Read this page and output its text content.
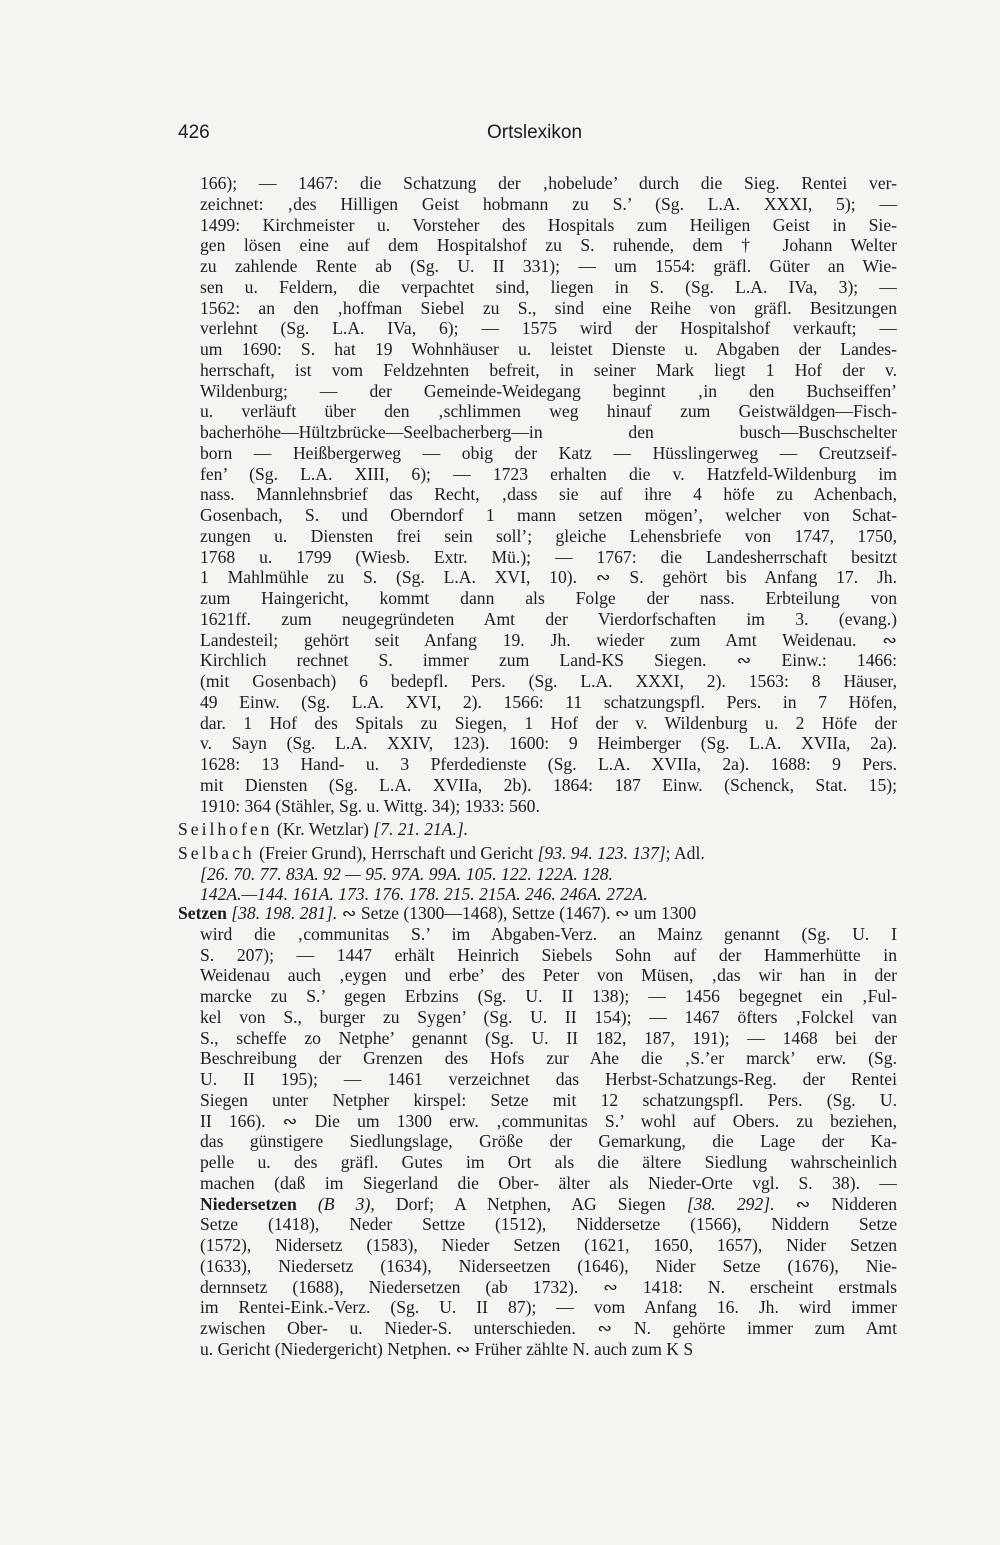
426	Ortslexikon
166); — 1467: die Schatzung der ‚hobelude’ durch die Sieg. Rentei ver-
zeichnet: ‚des Hilligen Geist hobmann zu S.’ (Sg. L.A. XXXI, 5); —
1499: Kirchmeister u. Vorsteher des Hospitals zum Heiligen Geist in Sie-
gen lösen eine auf dem Hospitalshof zu S. ruhende, dem † Johann Welter
zu zahlende Rente ab (Sg. U. II 331); — um 1554: gräfl. Güter an Wie-
sen u. Feldern, die verpachtet sind, liegen in S. (Sg. L.A. IVa, 3); —
1562: an den ‚hoffman Siebel zu S., sind eine Reihe von gräfl. Besitzungen
verlehnt (Sg. L.A. IVa, 6); — 1575 wird der Hospitalshof verkauft; —
um 1690: S. hat 19 Wohnhäuser u. leistet Dienste u. Abgaben der Landes-
herrschaft, ist vom Feldzehnten befreit, in seiner Mark liegt 1 Hof der v.
Wildenburg; — der Gemeinde-Weidegang beginnt ‚in den Buchseiffen’
u. verläuft über den ‚schlimmen weg hinauf zum Geistwäldgen—Fisch-
bacherhöhe—Hültzbrücke—Seelbacherberg—in den busch—Buschschelter
born — Heißbergerweg — obig der Katz — Hüsslingerweg — Creutzseif-
fen’ (Sg. L.A. XIII, 6); — 1723 erhalten die v. Hatzfeld-Wildenburg im
nass. Mannlehnsbrief das Recht, ‚dass sie auf ihre 4 höfe zu Achenbach,
Gosenbach, S. und Oberndorf 1 mann setzen mögen’, welcher von Schat-
zungen u. Diensten frei sein soll’; gleiche Lehensbriefe von 1747, 1750,
1768 u. 1799 (Wiesb. Extr. Mü.); — 1767: die Landesherrschaft besitzt
1 Mahlmühle zu S. (Sg. L.A. XVI, 10). ∾ S. gehört bis Anfang 17. Jh.
zum Haingericht, kommt dann als Folge der nass. Erbteilung von
1621ff. zum neugegründeten Amt der Vierdorfschaften im 3. (evang.)
Landesteil; gehört seit Anfang 19. Jh. wieder zum Amt Weidenau. ∾
Kirchlich rechnet S. immer zum Land-KS Siegen. ∾ Einw.: 1466:
(mit Gosenbach) 6 bedepfl. Pers. (Sg. L.A. XXXI, 2). 1563: 8 Häuser,
49 Einw. (Sg. L.A. XVI, 2). 1566: 11 schatzungspfl. Pers. in 7 Höfen,
dar. 1 Hof des Spitals zu Siegen, 1 Hof der v. Wildenburg u. 2 Höfe der
v. Sayn (Sg. L.A. XXIV, 123). 1600: 9 Heimberger (Sg. L.A. XVIIa, 2a).
1628: 13 Hand- u. 3 Pferdedienste (Sg. L.A. XVIIa, 2a). 1688: 9 Pers.
mit Diensten (Sg. L.A. XVIIa, 2b). 1864: 187 Einw. (Schenck, Stat. 15);
1910: 364 (Stähler, Sg. u. Wittg. 34); 1933: 560.
Seilhofen (Kr. Wetzlar) [7. 21. 21A.].
Selbach (Freier Grund), Herrschaft und Gericht [93. 94. 123. 137]; Adl.
[26. 70. 77. 83A. 92 — 95. 97A. 99A. 105. 122. 122A. 128.
142A.—144. 161A. 173. 176. 178. 215. 215A. 246. 246A. 272A.
Setzen [38. 198. 281]. ∾ Setze (1300—1468), Settze (1467). ∾ um 1300
wird die ‚communitas S.’ im Abgaben-Verz. an Mainz genannt (Sg. U. I
S. 207); — 1447 erhält Heinrich Siebels Sohn auf der Hammerhütte in
Weidenau auch ‚eygen und erbe’ des Peter von Müsen, ‚das wir han in der
marcke zu S.’ gegen Erbzins (Sg. U. II 138); — 1456 begegnet ein ‚Ful-
kel von S., burger zu Sygen’ (Sg. U. II 154); — 1467 öfters ‚Folckel van
S., scheffe zo Netphe’ genannt (Sg. U. II 182, 187, 191); — 1468 bei der
Beschreibung der Grenzen des Hofs zur Ahe die ‚S.’er marck’ erw. (Sg.
U. II 195); — 1461 verzeichnet das Herbst-Schatzungs-Reg. der Rentei
Siegen unter Netpher kirspel: Setze mit 12 schatzungspfl. Pers. (Sg. U.
II 166). ∾ Die um 1300 erw. ‚communitas S.’ wohl auf Obers. zu beziehen,
das günstigere Siedlungslage, Größe der Gemarkung, die Lage der Ka-
pelle u. des gräfl. Gutes im Ort als die ältere Siedlung wahrscheinlich
machen (daß im Siegerland die Ober- älter als Nieder-Orte vgl. S. 38). —
Niedersetzen (B 3), Dorf; A Netphen, AG Siegen [38. 292]. ∾ Nidderen
Setze (1418), Neder Settze (1512), Niddersetze (1566), Niddern Setze
(1572), Nidersetz (1583), Nieder Setzen (1621, 1650, 1657), Nider Setzen
(1633), Niedersetz (1634), Niderseetzen (1646), Nider Setze (1676), Nie-
dernnsetz (1688), Niedersetzen (ab 1732). ∾ 1418: N. erscheint erstmals
im Rentei-Eink.-Verz. (Sg. U. II 87); — vom Anfang 16. Jh. wird immer
zwischen Ober- u. Nieder-S. unterschieden. ∾ N. gehörte immer zum Amt
u. Gericht (Niedergericht) Netphen. ∾ Früher zählte N. auch zum K S
